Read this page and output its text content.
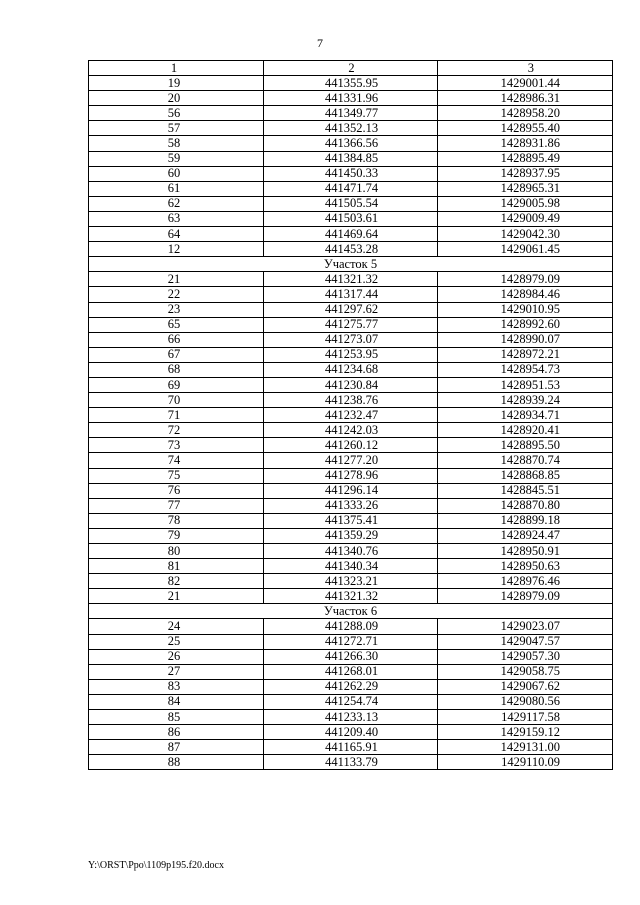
7
1	2	3
19	441355.95	1429001.44
20	441331.96	1428986.31
56	441349.77	1428958.20
57	441352.13	1428955.40
58	441366.56	1428931.86
59	441384.85	1428895.49
60	441450.33	1428937.95
61	441471.74	1428965.31
62	441505.54	1429005.98
63	441503.61	1429009.49
64	441469.64	1429042.30
12	441453.28	1429061.45
Участок 5		
21	441321.32	1428979.09
22	441317.44	1428984.46
23	441297.62	1429010.95
65	441275.77	1428992.60
66	441273.07	1428990.07
67	441253.95	1428972.21
68	441234.68	1428954.73
69	441230.84	1428951.53
70	441238.76	1428939.24
71	441232.47	1428934.71
72	441242.03	1428920.41
73	441260.12	1428895.50
74	441277.20	1428870.74
75	441278.96	1428868.85
76	441296.14	1428845.51
77	441333.26	1428870.80
78	441375.41	1428899.18
79	441359.29	1428924.47
80	441340.76	1428950.91
81	441340.34	1428950.63
82	441323.21	1428976.46
21	441321.32	1428979.09
Участок 6		
24	441288.09	1429023.07
25	441272.71	1429047.57
26	441266.30	1429057.30
27	441268.01	1429058.75
83	441262.29	1429067.62
84	441254.74	1429080.56
85	441233.13	1429117.58
86	441209.40	1429159.12
87	441165.91	1429131.00
88	441133.79	1429110.09
Y:\ORST\Ppo\1109p195.f20.docx
